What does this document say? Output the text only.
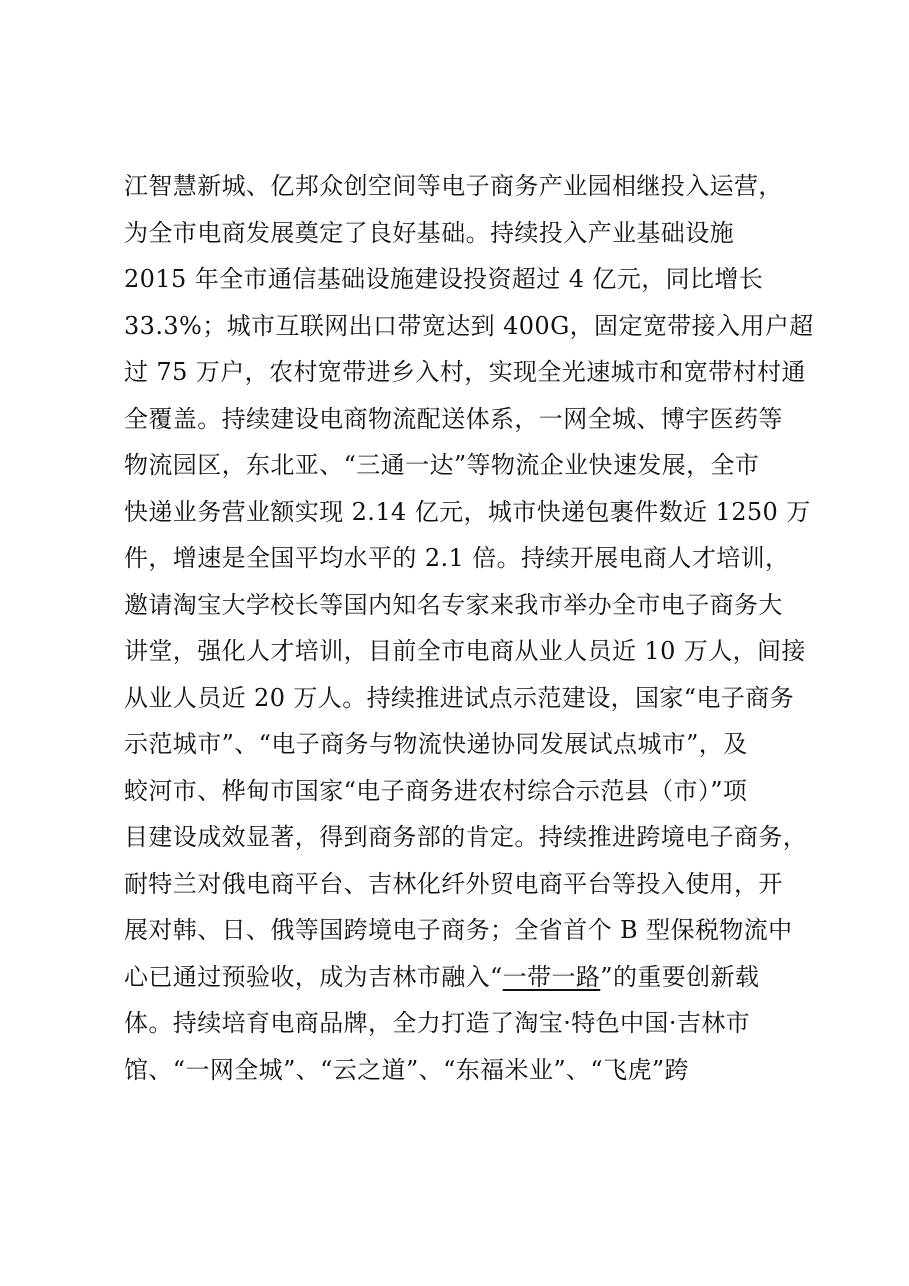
江智慧新城、亿邦众创空间等电子商务产业园相继投入运营，
为全市电商发展奠定了良好基础。持续投入产业基础设施
2015 年全市通信基础设施建设投资超过 4 亿元，同比增长
33.3%；城市互联网出口带宽达到 400G，固定宽带接入用户超
过 75 万户，农村宽带进乡入村，实现全光速城市和宽带村村通
全覆盖。持续建设电商物流配送体系，一网全城、博宇医药等
物流园区，东北亚、“三通一达”等物流企业快速发展，全市
快递业务营业额实现 2.14 亿元，城市快递包裹件数近 1250 万
件，增速是全国平均水平的 2.1 倍。持续开展电商人才培训，
邀请淘宝大学校长等国内知名专家来我市举办全市电子商务大
讲堂，强化人才培训，目前全市电商从业人员近 10 万人，间接
从业人员近 20 万人。持续推进试点示范建设，国家“电子商务
示范城市”、“电子商务与物流快递协同发展试点城市”，及
蛟河市、桦甸市国家“电子商务进农村综合示范县（市）”项
目建设成效显著，得到商务部的肯定。持续推进跨境电子商务，
耐特兰对俄电商平台、吉林化纤外贸电商平台等投入使用，开
展对韩、日、俄等国跨境电子商务；全省首个 B 型保税物流中
心已通过预验收，成为吉林市融入“一带一路”的重要创新载
体。持续培育电商品牌，全力打造了淘宝·特色中国·吉林市
馆、“一网全城”、“云之道”、“东福米业”、“飞虎”跨
